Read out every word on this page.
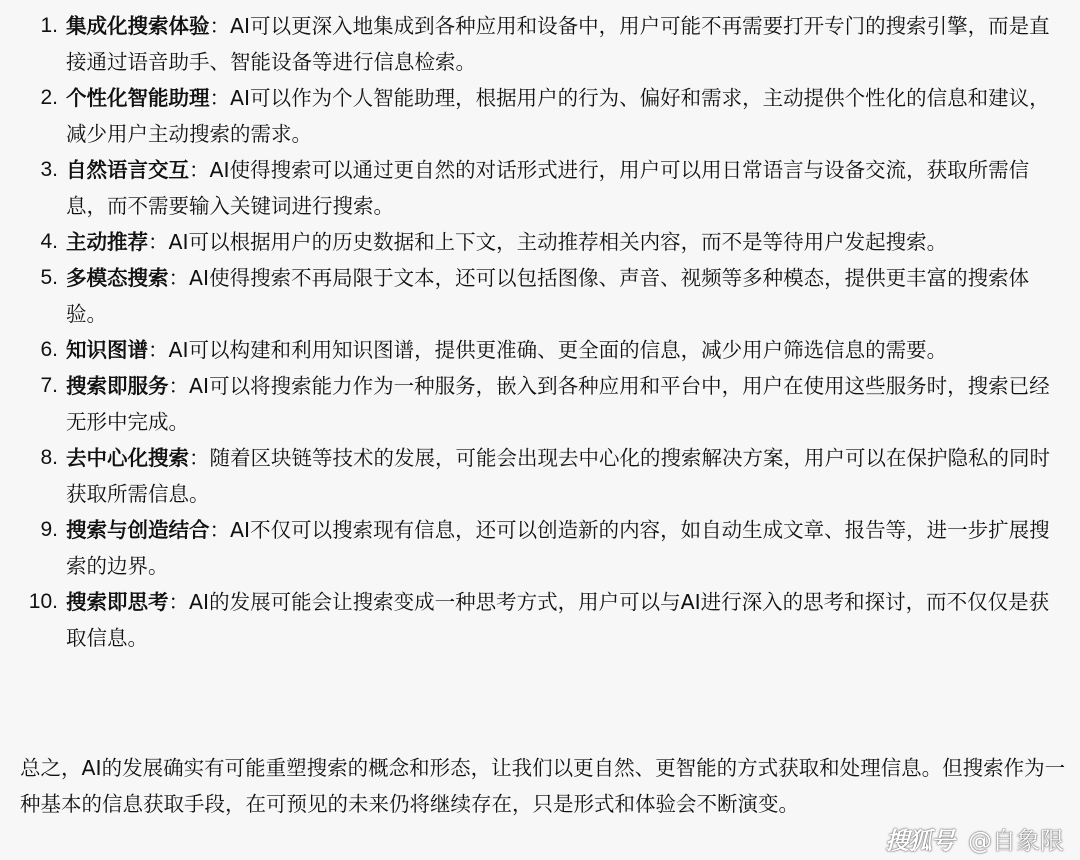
1. 集成化搜索体验：AI可以更深入地集成到各种应用和设备中，用户可能不再需要打开专门的搜索引擎，而是直接通过语音助手、智能设备等进行信息检索。
2. 个性化智能助理：AI可以作为个人智能助理，根据用户的行为、偏好和需求，主动提供个性化的信息和建议，减少用户主动搜索的需求。
3. 自然语言交互：AI使得搜索可以通过更自然的对话形式进行，用户可以用日常语言与设备交流，获取所需信息，而不需要输入关键词进行搜索。
4. 主动推荐：AI可以根据用户的历史数据和上下文，主动推荐相关内容，而不是等待用户发起搜索。
5. 多模态搜索：AI使得搜索不再局限于文本，还可以包括图像、声音、视频等多种模态，提供更丰富的搜索体验。
6. 知识图谱：AI可以构建和利用知识图谱，提供更准确、更全面的信息，减少用户筛选信息的需要。
7. 搜索即服务：AI可以将搜索能力作为一种服务，嵌入到各种应用和平台中，用户在使用这些服务时，搜索已经无形中完成。
8. 去中心化搜索：随着区块链等技术的发展，可能会出现去中心化的搜索解决方案，用户可以在保护隐私的同时获取所需信息。
9. 搜索与创造结合：AI不仅可以搜索现有信息，还可以创造新的内容，如自动生成文章、报告等，进一步扩展搜索的边界。
10. 搜索即思考：AI的发展可能会让搜索变成一种思考方式，用户可以与AI进行深入的思考和探讨，而不仅仅是获取信息。

总之，AI的发展确实有可能重塑搜索的概念和形态，让我们以更自然、更智能的方式获取和处理信息。但搜索作为一种基本的信息获取手段，在可预见的未来仍将继续存在，只是形式和体验会不断演变。

搜狐号 @自象限
